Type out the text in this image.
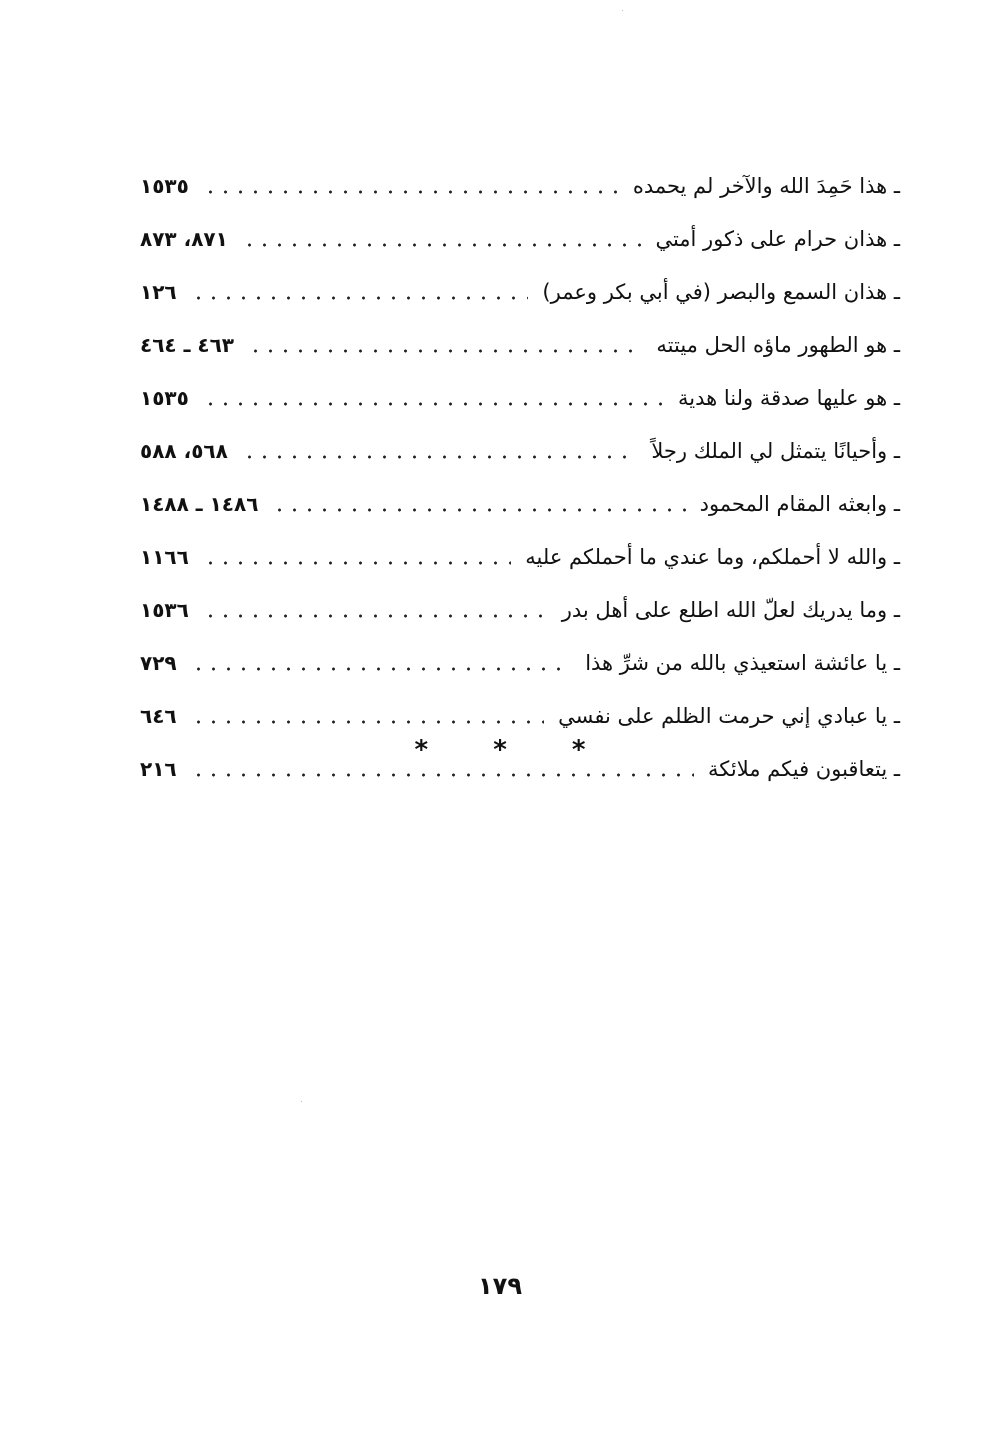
ـ هذا حَمِدَ الله والآخر لم يحمده
١٥٣٥
ـ هذان حرام على ذكور أمتي
٨٧١، ٨٧٣
ـ هذان السمع والبصر (في أبي بكر وعمر)
١٢٦
ـ هو الطهور ماؤه الحل ميتته
٤٦٣ ـ ٤٦٤
ـ هو عليها صدقة ولنا هدية
١٥٣٥
ـ وأحيانًا يتمثل لي الملك رجلاً
٥٦٨، ٥٨٨
ـ وابعثه المقام المحمود
١٤٨٦ ـ ١٤٨٨
ـ والله لا أحملكم، وما عندي ما أحملكم عليه
١١٦٦
ـ وما يدريك لعلّ الله اطلع على أهل بدر
١٥٣٦
ـ يا عائشة استعيذي بالله من شرِّ هذا
٧٢٩
ـ يا عبادي إني حرمت الظلم على نفسي
٦٤٦
ـ يتعاقبون فيكم ملائكة
٢١٦
* * *
١٧٩
